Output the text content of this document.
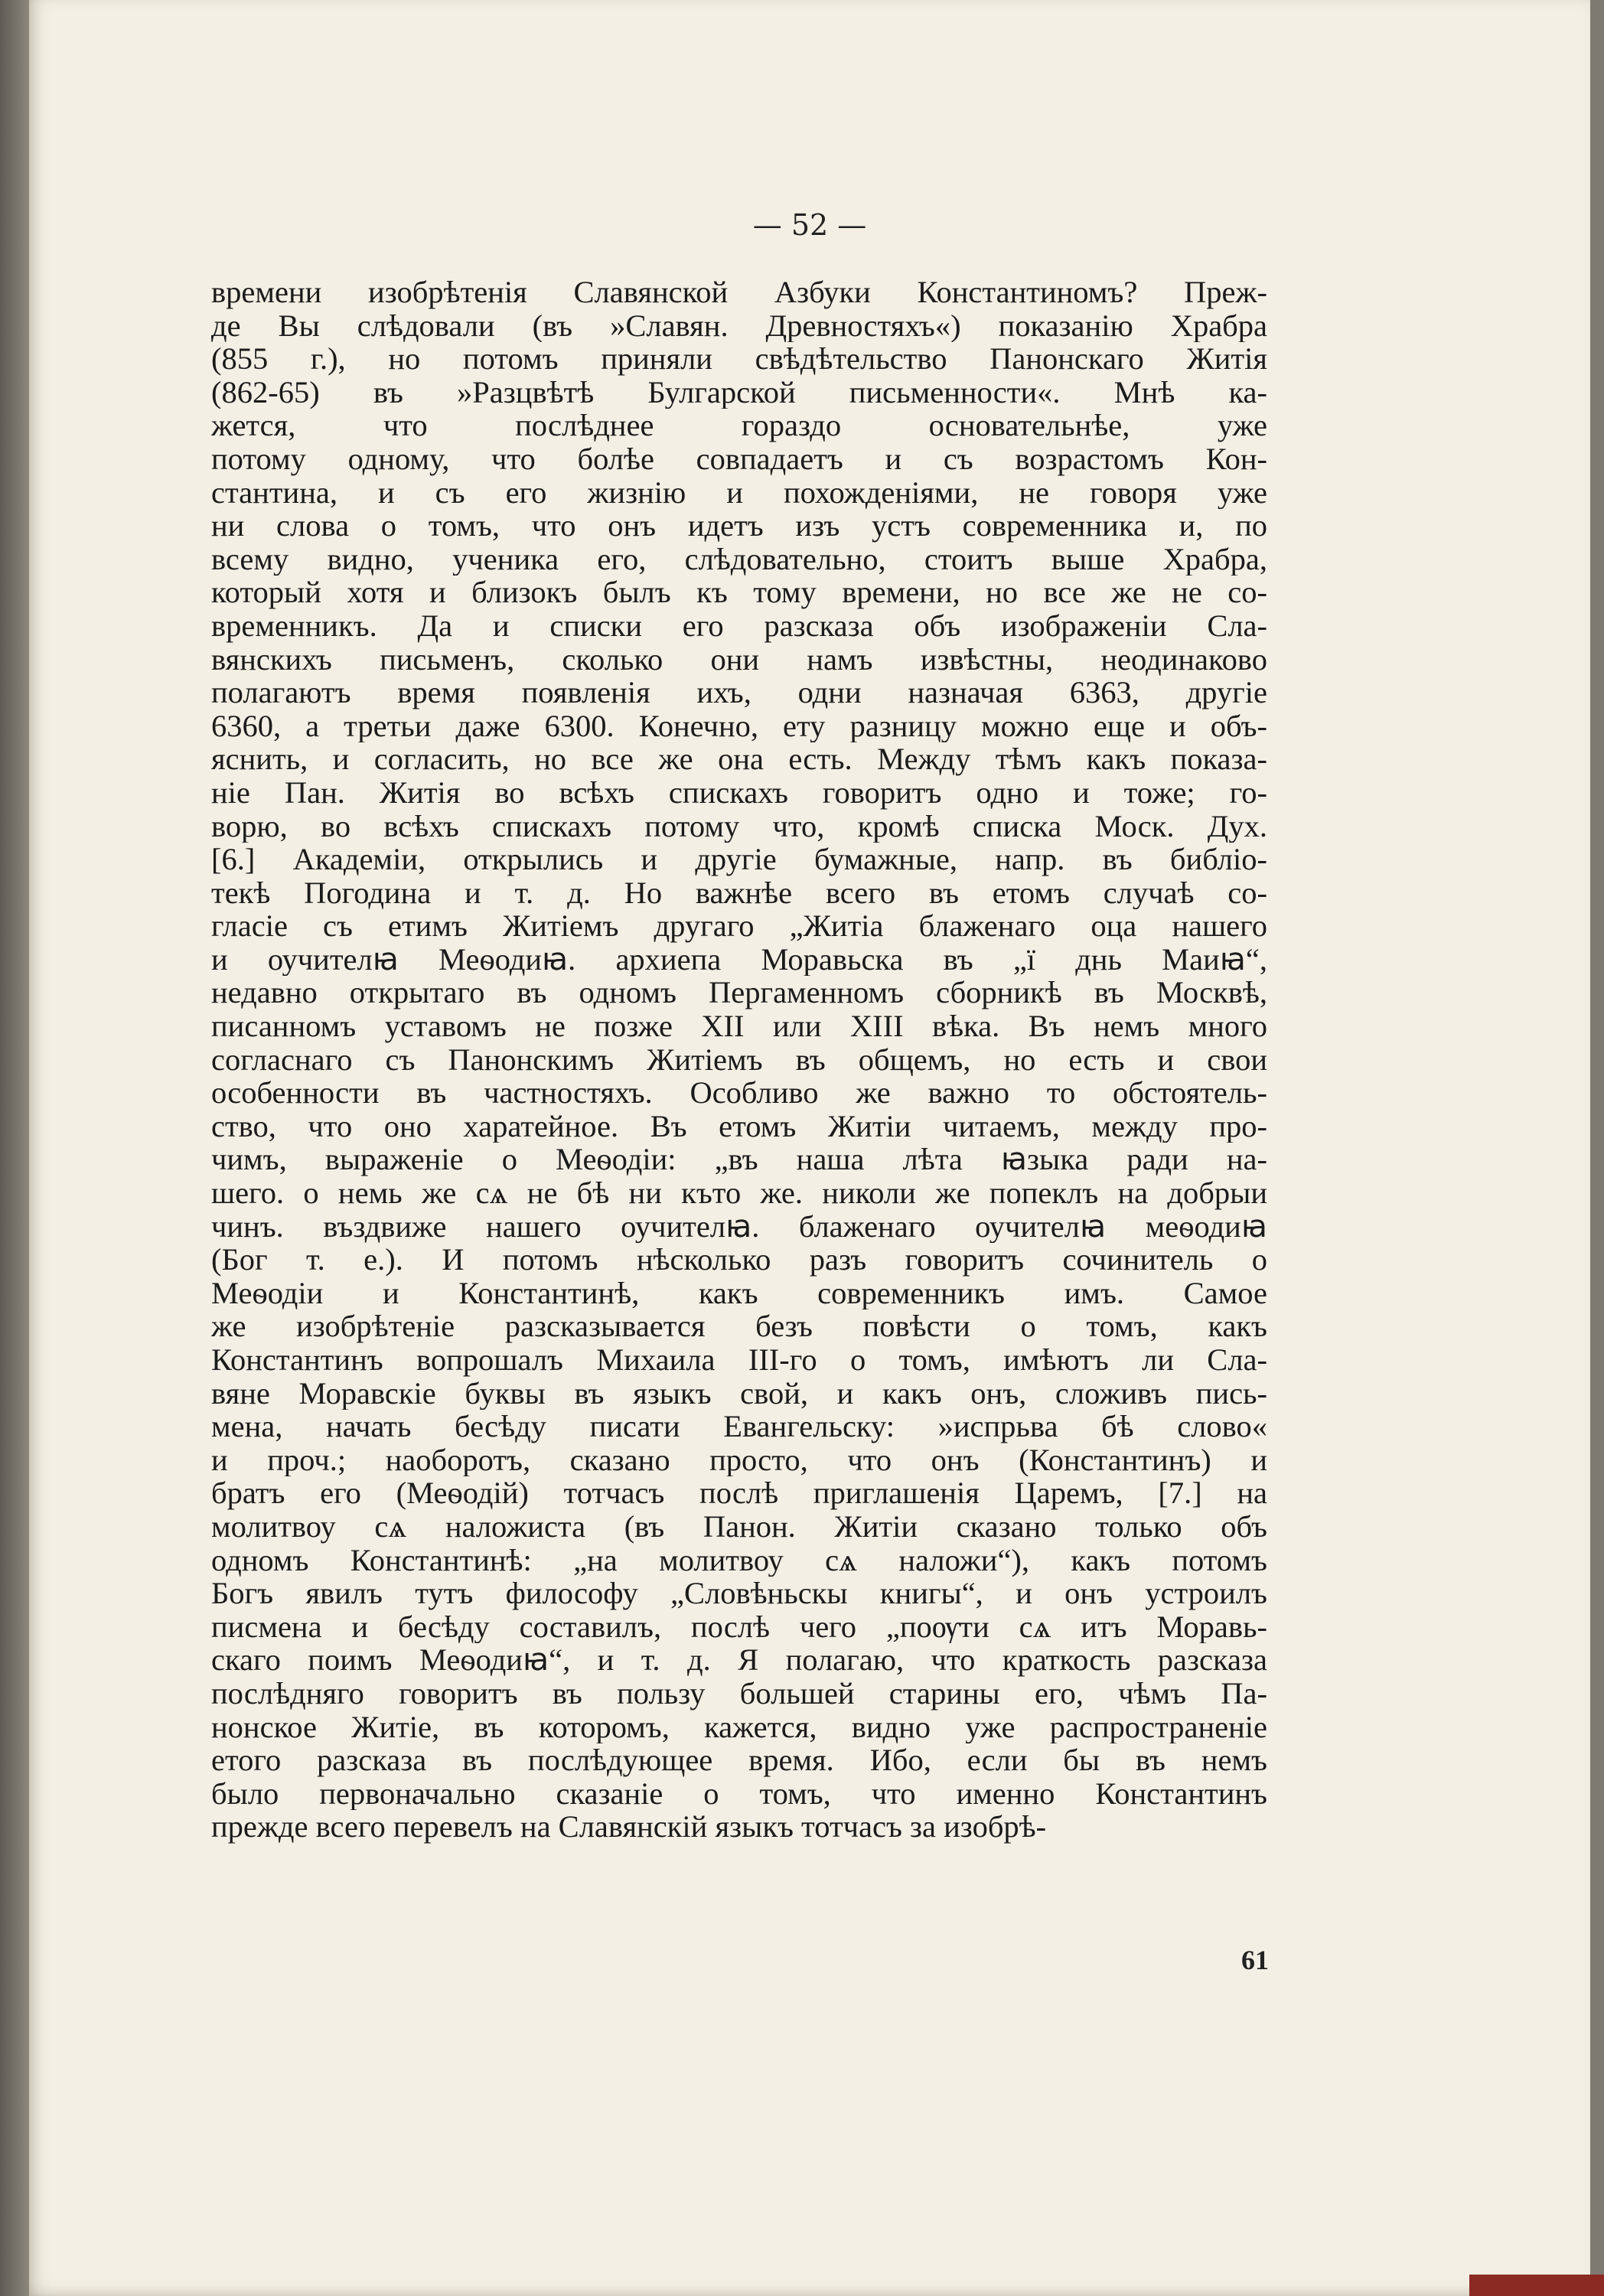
— 52 —
времени изобрѣтенія Славянской Азбуки Константиномъ? Преж-
де Вы слѣдовали (въ »Славян. Древностяхъ«) показанію Храбра
(855 г.), но потомъ приняли свѣдѣтельство Панонскаго Житія
(862-65) въ »Разцвѣтѣ Булгарской письменности«. Мнѣ ка-
жется, что послѣднее гораздо основательнѣе, уже
потому одному, что болѣе совпадаетъ и съ возрастомъ Кон-
стантина, и съ его жизнію и похожденіями, не говоря уже
ни слова о томъ, что онъ идетъ изъ устъ современника и, по
всему видно, ученика его, слѣдовательно, стоитъ выше Храбра,
который хотя и близокъ былъ къ тому времени, но все же не со-
временникъ. Да и списки его разсказа объ изображеніи Сла-
вянскихъ письменъ, сколько они намъ извѣстны, неодинаково
полагаютъ время появленія ихъ, одни назначая 6363, другіе
6360, а третьи даже 6300. Конечно, ету разницу можно еще и объ-
яснить, и согласить, но все же она есть. Между тѣмъ какъ показа-
ніе Пан. Житія во всѣхъ спискахъ говоритъ одно и тоже; го-
ворю, во всѣхъ спискахъ потому что, кромѣ списка Моск. Дух.
[6.] Академіи, открылись и другіе бумажные, напр. въ библіо-
текѣ Погодина и т. д. Но важнѣе всего въ етомъ случаѣ со-
гласіе съ етимъ Житіемъ другаго „Житіа блаженаго оца нашего
и оучителꙗ Меѳодиꙗ. архиепа Моравьска въ „ї днь Маиꙗ“,
недавно открытаго въ одномъ Пергаменномъ сборникѣ въ Москвѣ,
писанномъ уставомъ не позже XII или XIII вѣка. Въ немъ много
согласнаго съ Панонскимъ Житіемъ въ общемъ, но есть и свои
особенности въ частностяхъ. Особливо же важно то обстоятель-
ство, что оно харатейное. Въ етомъ Житіи читаемъ, между про-
чимъ, выраженіе о Меѳодіи: „въ наша лѣта ꙗзыка ради на-
шего. о немь же сѧ не бѣ ни къто же. николи же попеклъ на добрыи
чинъ. въздвиже нашего оучителꙗ. блаженаго оучителꙗ меѳодиꙗ
(Бог т. е.). И потомъ нѣсколько разъ говоритъ сочинитель о
Меѳодіи и Константинѣ, какъ современникъ имъ. Самое
же изобрѣтеніе разсказывается безъ повѣсти о томъ, какъ
Константинъ вопрошалъ Михаила III-го о томъ, имѣютъ ли Сла-
вяне Моравскіе буквы въ языкъ свой, и какъ онъ, сложивъ пись-
мена, начать бесѣду писати Евангельску: »испрьва бѣ слово«
и проч.; наоборотъ, сказано просто, что онъ (Константинъ) и
братъ его (Меѳодій) тотчасъ послѣ приглашенія Царемъ, [7.] на
молитвоу сѧ наложиста (въ Панон. Житіи сказано только объ
одномъ Константинѣ: „на молитвоу сѧ наложи“), какъ потомъ
Богъ явилъ тутъ философу „Словѣньскы книгы“, и онъ устроилъ
писмена и бесѣду составилъ, послѣ чего „поѹти сѧ итъ Моравь-
скаго поимъ Меѳодиꙗ“, и т. д. Я полагаю, что краткость разсказа
послѣдняго говоритъ въ пользу большей старины его, чѣмъ Па-
нонское Житіе, въ которомъ, кажется, видно уже распространеніе
етого разсказа въ послѣдующее время. Ибо, если бы въ немъ
было первоначально сказаніе о томъ, что именно Константинъ
прежде всего перевелъ на Славянскій языкъ тотчасъ за изобрѣ-
61
